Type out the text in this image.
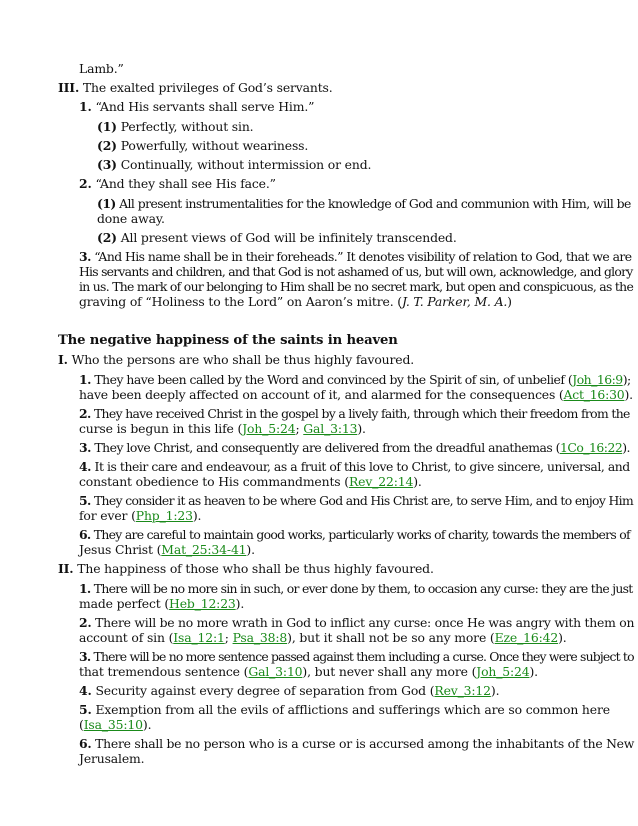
Lamb.”

III. The exalted privileges of God’s servants.

1. “And His servants shall serve Him.”

(1) Perfectly, without sin.

(2) Powerfully, without weariness.

(3) Continually, without intermission or end.

2. “And they shall see His face.”

(1) All present instrumentalities for the knowledge of God and communion with Him, will be

done away.

(2) All present views of God will be infinitely transcended.

3. “And His name shall be in their foreheads.” It denotes visibility of relation to God, that we are

His servants and children, and that God is not ashamed of us, but will own, acknowledge, and glory

in us. The mark of our belonging to Him shall be no secret mark, but open and conspicuous, as the

graving of “Holiness to the Lord” on Aaron’s mitre. (J. T. Parker, M. A.)

The negative happiness of the saints in heaven

I. Who the persons are who shall be thus highly favoured.

1. They have been called by the Word and convinced by the Spirit of sin, of unbelief (Joh_16:9);

have been deeply affected on account of it, and alarmed for the consequences (Act_16:30).

2. They have received Christ in the gospel by a lively faith, through which their freedom from the

curse is begun in this life (Joh_5:24; Gal_3:13).

3. They love Christ, and consequently are delivered from the dreadful anathemas (1Co_16:22).

4. It is their care and endeavour, as a fruit of this love to Christ, to give sincere, universal, and

constant obedience to His commandments (Rev_22:14).

5. They consider it as heaven to be where God and His Christ are, to serve Him, and to enjoy Him

for ever (Php_1:23).

6. They are careful to maintain good works, particularly works of charity, towards the members of

Jesus Christ (Mat_25:34-41).

II. The happiness of those who shall be thus highly favoured.

1. There will be no more sin in such, or ever done by them, to occasion any curse: they are the just

made perfect (Heb_12:23).

2. There will be no more wrath in God to inflict any curse: once He was angry with them on

account of sin (Isa_12:1; Psa_38:8), but it shall not be so any more (Eze_16:42).

3. There will be no more sentence passed against them including a curse. Once they were subject to

that tremendous sentence (Gal_3:10), but never shall any more (Joh_5:24).

4. Security against every degree of separation from God (Rev_3:12).

5. Exemption from all the evils of afflictions and sufferings which are so common here

(Isa_35:10).

6. There shall be no person who is a curse or is accursed among the inhabitants of the New

Jerusalem.
